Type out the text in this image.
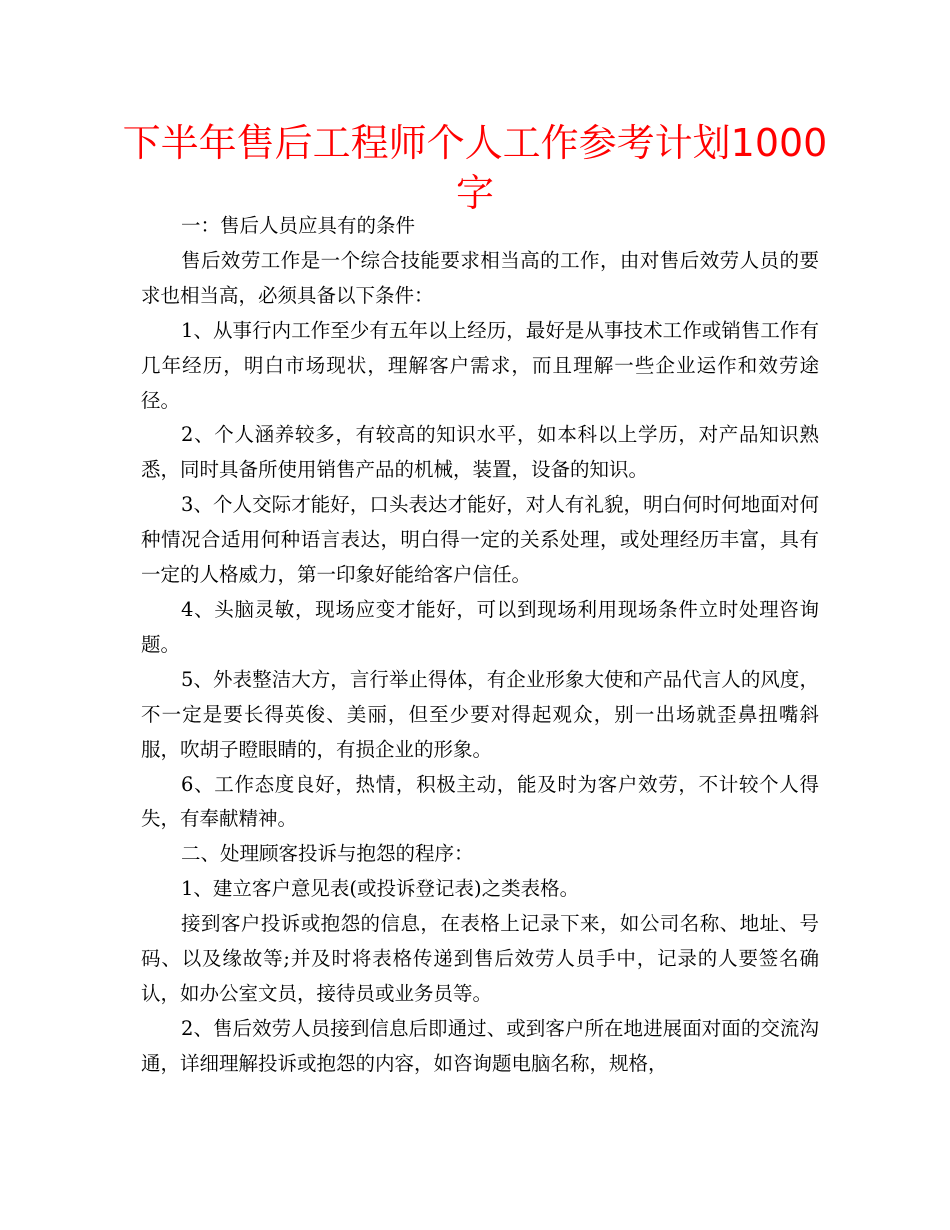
下半年售后工程师个人工作参考计划1000字

一：售后人员应具有的条件

售后效劳工作是一个综合技能要求相当高的工作，由对售后效劳人员的要求也相当高，必须具备以下条件：

1、从事行内工作至少有五年以上经历，最好是从事技术工作或销售工作有几年经历，明白市场现状，理解客户需求，而且理解一些企业运作和效劳途径。

2、个人涵养较多，有较高的知识水平，如本科以上学历，对产品知识熟悉，同时具备所使用销售产品的机械，装置，设备的知识。

3、个人交际才能好，口头表达才能好，对人有礼貌，明白何时何地面对何种情况合适用何种语言表达，明白得一定的关系处理，或处理经历丰富，具有一定的人格威力，第一印象好能给客户信任。

4、头脑灵敏，现场应变才能好，可以到现场利用现场条件立时处理咨询题。

5、外表整洁大方，言行举止得体，有企业形象大使和产品代言人的风度，不一定是要长得英俊、美丽，但至少要对得起观众，别一出场就歪鼻扭嘴斜服，吹胡子瞪眼睛的，有损企业的形象。

6、工作态度良好，热情，积极主动，能及时为客户效劳，不计较个人得失，有奉献精神。

二、处理顾客投诉与抱怨的程序：

1、建立客户意见表(或投诉登记表)之类表格。

接到客户投诉或抱怨的信息，在表格上记录下来，如公司名称、地址、号码、以及缘故等;并及时将表格传递到售后效劳人员手中，记录的人要签名确认，如办公室文员，接待员或业务员等。

2、售后效劳人员接到信息后即通过、或到客户所在地进展面对面的交流沟通，详细理解投诉或抱怨的内容，如咨询题电脑名称，规格，
